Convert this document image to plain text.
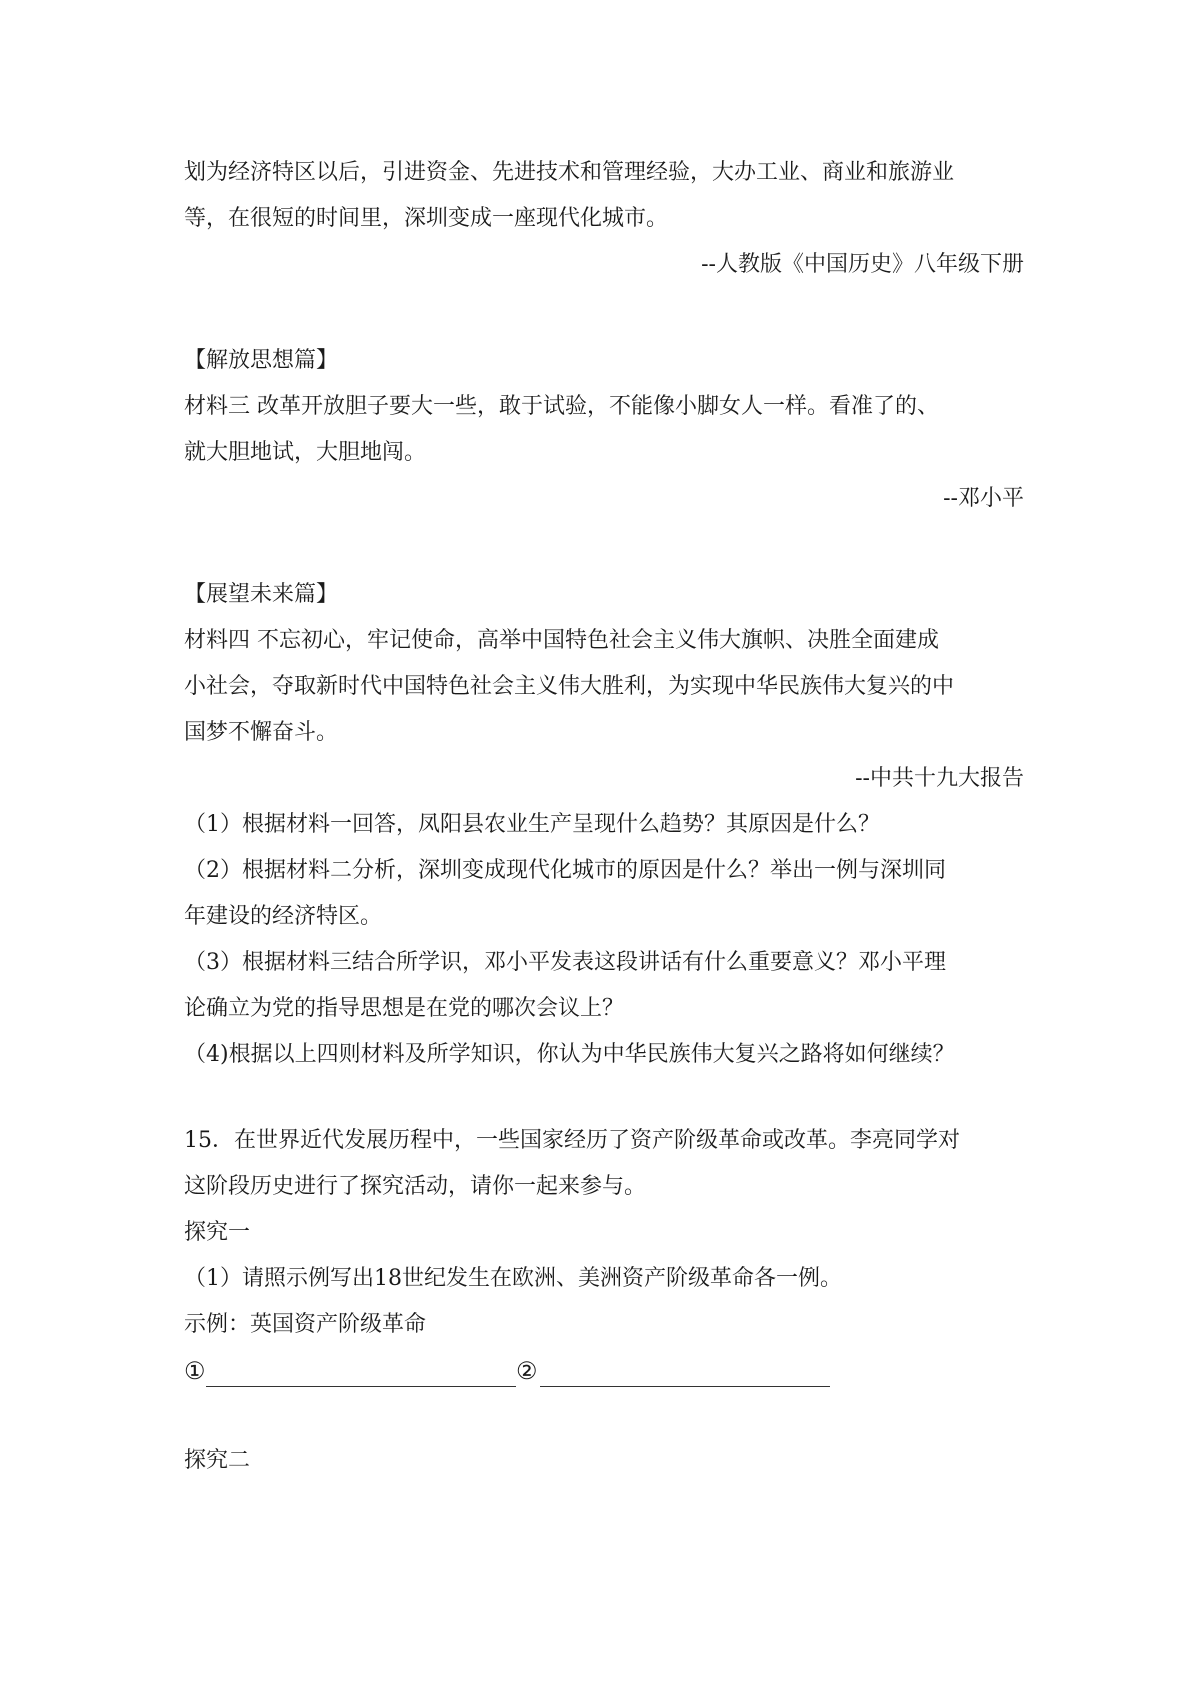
划为经济特区以后，引进资金、先进技术和管理经验，大办工业、商业和旅游业
等，在很短的时间里，深圳变成一座现代化城市。
--人教版《中国历史》八年级下册
【解放思想篇】
材料三 改革开放胆子要大一些，敢于试验，不能像小脚女人一样。看准了的、
就大胆地试，大胆地闯。
--邓小平
【展望未来篇】
材料四 不忘初心，牢记使命，高举中国特色社会主义伟大旗帜、决胜全面建成
小社会，夺取新时代中国特色社会主义伟大胜利，为实现中华民族伟大复兴的中
国梦不懈奋斗。
--中共十九大报告
（1）根据材料一回答，凤阳县农业生产呈现什么趋势？其原因是什么？
（2）根据材料二分析，深圳变成现代化城市的原因是什么？举出一例与深圳同
年建设的经济特区。
（3）根据材料三结合所学识，邓小平发表这段讲话有什么重要意义？邓小平理
论确立为党的指导思想是在党的哪次会议上？
（4)根据以上四则材料及所学知识，你认为中华民族伟大复兴之路将如何继续？
15．在世界近代发展历程中，一些国家经历了资产阶级革命或改革。李亮同学对
这阶段历史进行了探究活动，请你一起来参与。
探究一
（1）请照示例写出18世纪发生在欧洲、美洲资产阶级革命各一例。
示例：英国资产阶级革命
①	②
探究二
